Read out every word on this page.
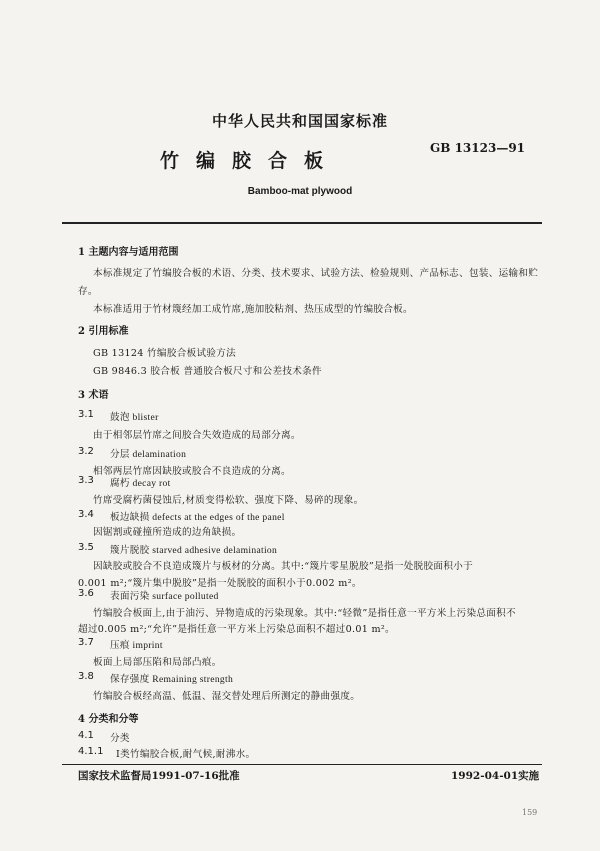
中华人民共和国国家标准
GB 13123—91
竹编胶合板
Bamboo-mat plywood
1 主题内容与适用范围
本标准规定了竹编胶合板的术语、分类、技术要求、试验方法、检验规则、产品标志、包装、运输和贮
存。
本标准适用于竹材篾经加工成竹席,施加胶粘剂、热压成型的竹编胶合板。
2 引用标准
GB 13124 竹编胶合板试验方法
GB 9846.3 胶合板 普通胶合板尺寸和公差技术条件
3 术语
3.1 鼓泡 blister
由于相邻层竹席之间胶合失效造成的局部分离。
3.2 分层 delamination
相邻两层竹席因缺胶或胶合不良造成的分离。
3.3 腐朽 decay rot
竹席受腐朽菌侵蚀后,材质变得松软、强度下降、易碎的现象。
3.4 板边缺损 defects at the edges of the panel
因锯割或碰撞所造成的边角缺损。
3.5 篾片脱胶 starved adhesive delamination
因缺胶或胶合不良造成篾片与板材的分离。其中:“篾片零星脱胶”是指一处脱胶面积小于
0.001 m²;“篾片集中脱胶”是指一处脱胶的面积小于0.002 m²。
3.6 表面污染 surface polluted
竹编胶合板面上,由于油污、异物造成的污染现象。其中:“轻微”是指任意一平方米上污染总面积不
超过0.005 m²;“允许”是指任意一平方米上污染总面积不超过0.01 m²。
3.7 压痕 imprint
板面上局部压陷和局部凸痕。
3.8 保存强度 Remaining strength
竹编胶合板经高温、低温、湿交替处理后所测定的静曲强度。
4 分类和分等
4.1 分类
4.1.1 Ⅰ类竹编胶合板,耐气候,耐沸水。
国家技术监督局1991-07-16批准	1992-04-01实施
159
